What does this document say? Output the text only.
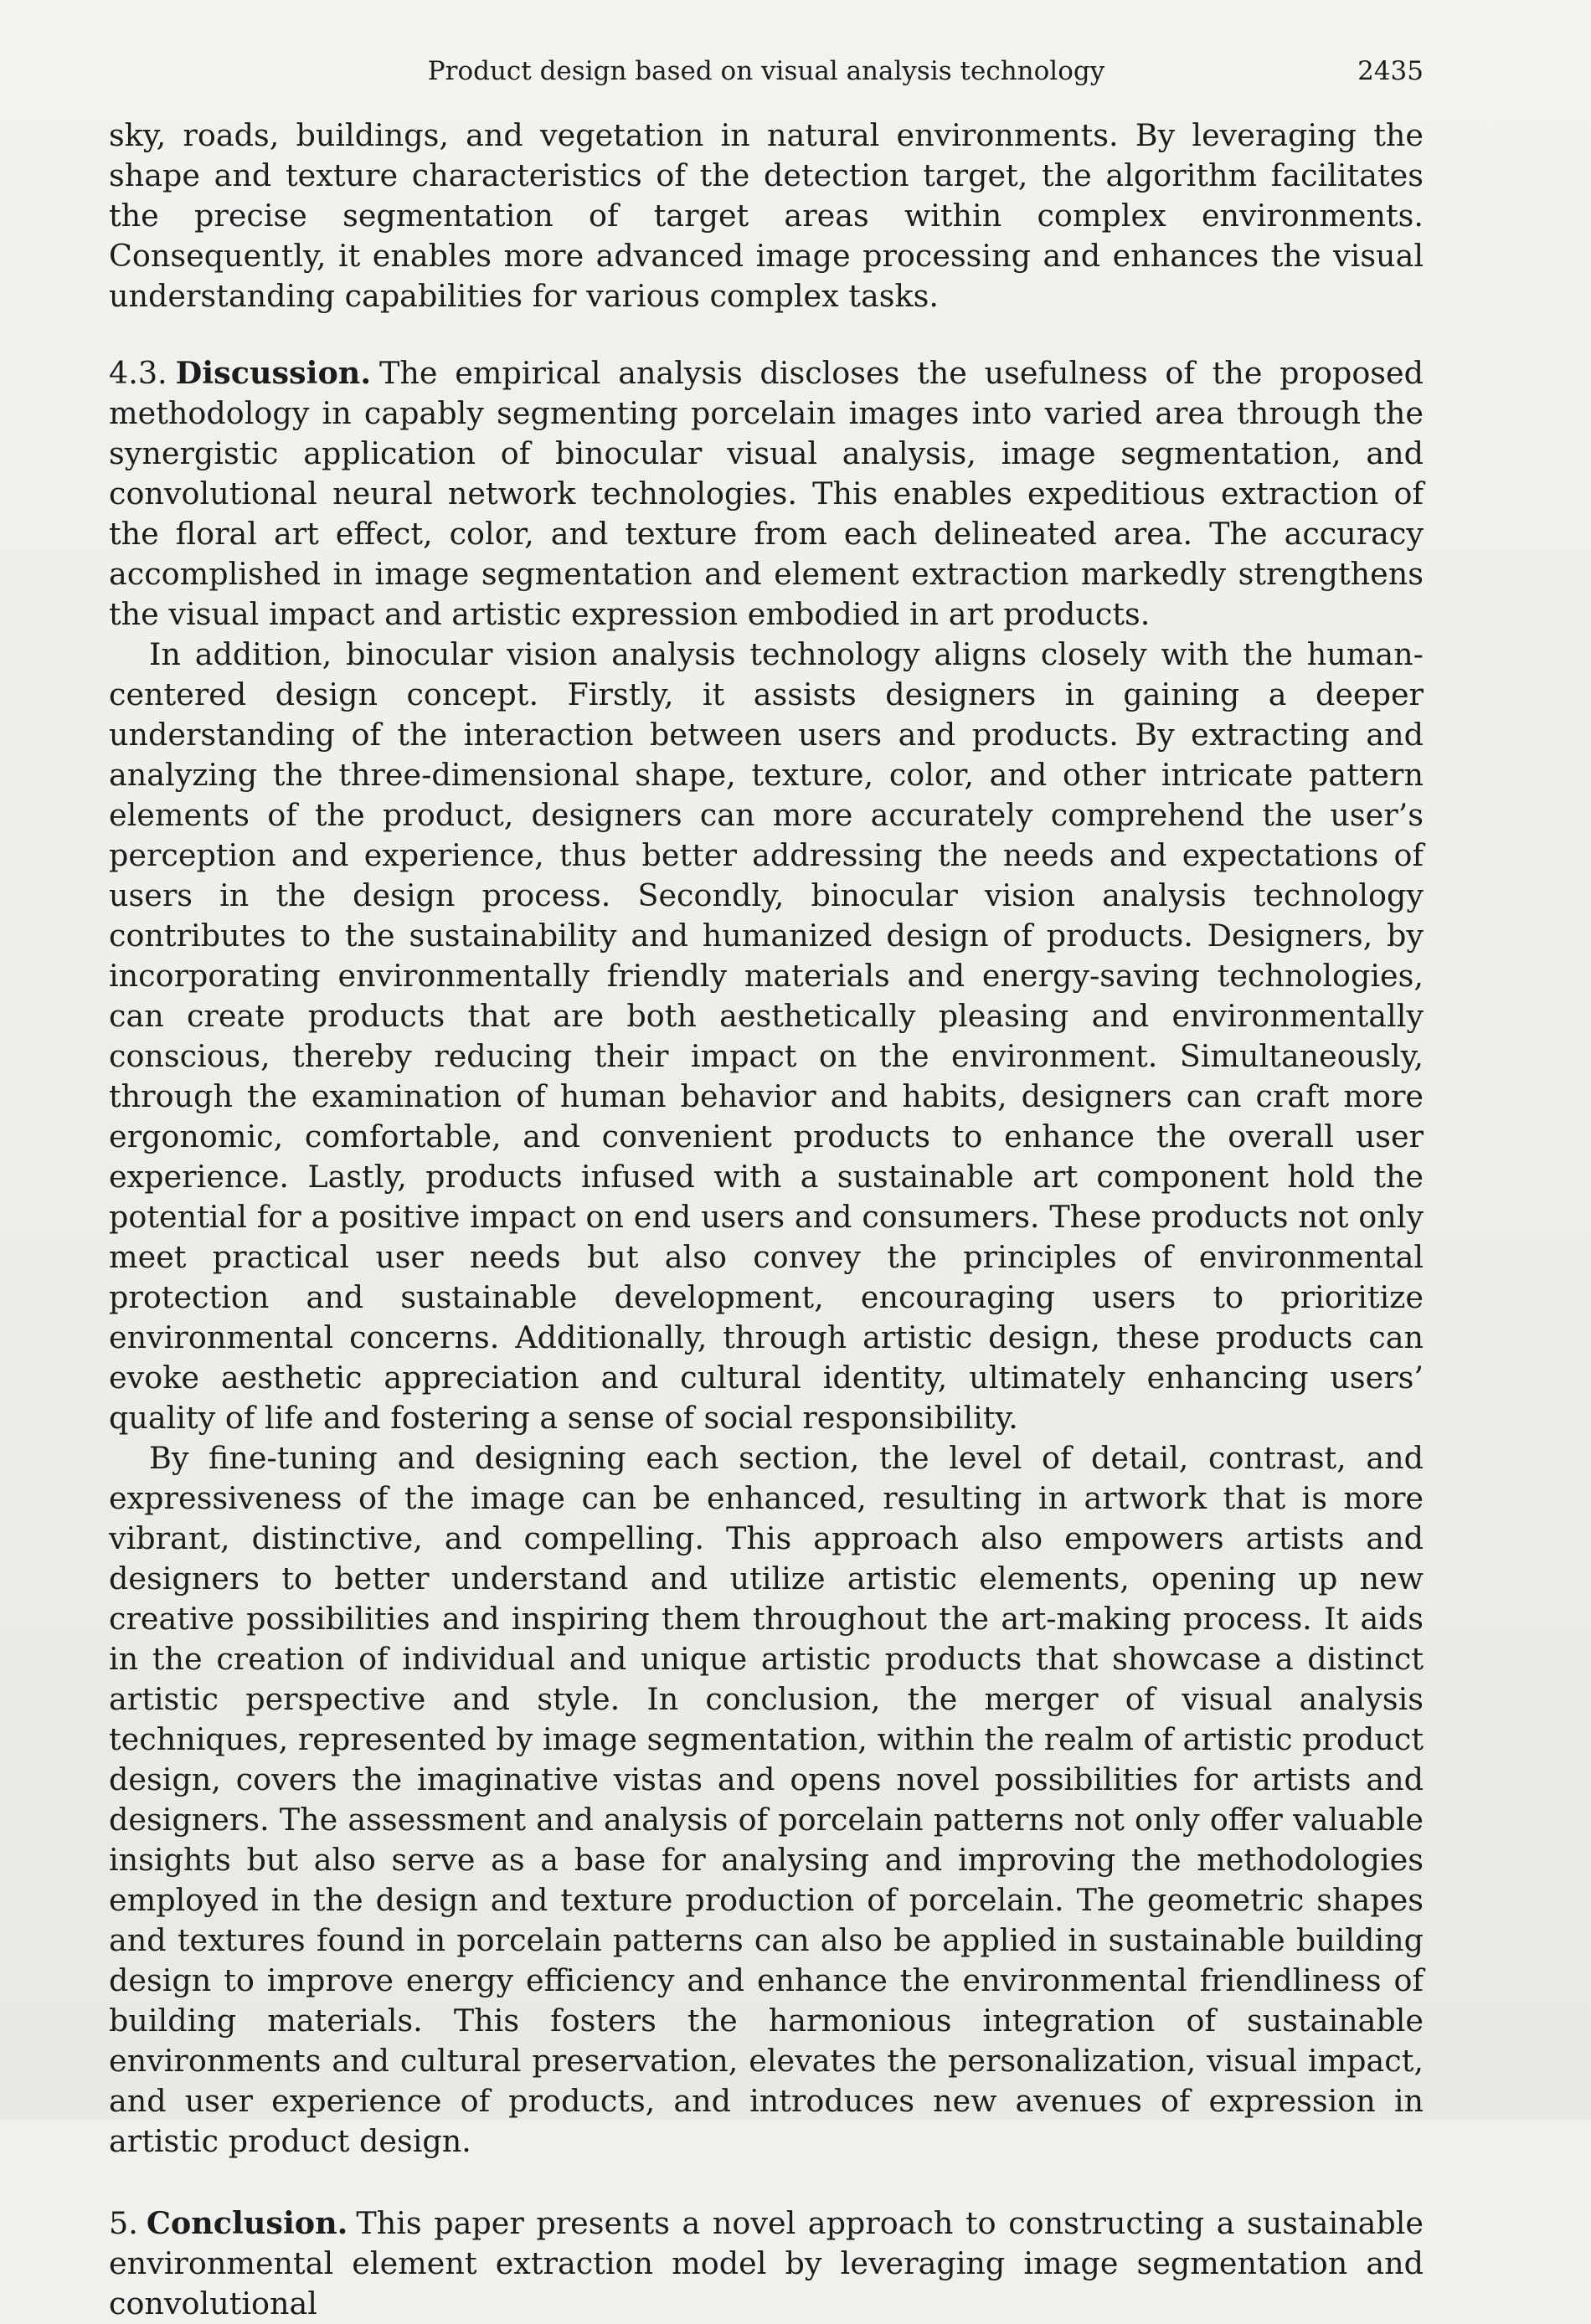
Product design based on visual analysis technology	2435

sky, roads, buildings, and vegetation in natural environments. By leveraging the shape and texture characteristics of the detection target, the algorithm facilitates the precise segmentation of target areas within complex environments. Consequently, it enables more advanced image processing and enhances the visual understanding capabilities for various complex tasks.

4.3. Discussion. The empirical analysis discloses the usefulness of the proposed methodology in capably segmenting porcelain images into varied area through the synergistic application of binocular visual analysis, image segmentation, and convolutional neural network technologies. This enables expeditious extraction of the floral art effect, color, and texture from each delineated area. The accuracy accomplished in image segmentation and element extraction markedly strengthens the visual impact and artistic expression embodied in art products.

In addition, binocular vision analysis technology aligns closely with the human-centered design concept. Firstly, it assists designers in gaining a deeper understanding of the interaction between users and products. By extracting and analyzing the three-dimensional shape, texture, color, and other intricate pattern elements of the product, designers can more accurately comprehend the user’s perception and experience, thus better addressing the needs and expectations of users in the design process. Secondly, binocular vision analysis technology contributes to the sustainability and humanized design of products. Designers, by incorporating environmentally friendly materials and energy-saving technologies, can create products that are both aesthetically pleasing and environmentally conscious, thereby reducing their impact on the environment. Simultaneously, through the examination of human behavior and habits, designers can craft more ergonomic, comfortable, and convenient products to enhance the overall user experience. Lastly, products infused with a sustainable art component hold the potential for a positive impact on end users and consumers. These products not only meet practical user needs but also convey the principles of environmental protection and sustainable development, encouraging users to prioritize environmental concerns. Additionally, through artistic design, these products can evoke aesthetic appreciation and cultural identity, ultimately enhancing users’ quality of life and fostering a sense of social responsibility.

By fine-tuning and designing each section, the level of detail, contrast, and expressiveness of the image can be enhanced, resulting in artwork that is more vibrant, distinctive, and compelling. This approach also empowers artists and designers to better understand and utilize artistic elements, opening up new creative possibilities and inspiring them throughout the art-making process. It aids in the creation of individual and unique artistic products that showcase a distinct artistic perspective and style. In conclusion, the merger of visual analysis techniques, represented by image segmentation, within the realm of artistic product design, covers the imaginative vistas and opens novel possibilities for artists and designers. The assessment and analysis of porcelain patterns not only offer valuable insights but also serve as a base for analysing and improving the methodologies employed in the design and texture production of porcelain. The geometric shapes and textures found in porcelain patterns can also be applied in sustainable building design to improve energy efficiency and enhance the environmental friendliness of building materials. This fosters the harmonious integration of sustainable environments and cultural preservation, elevates the personalization, visual impact, and user experience of products, and introduces new avenues of expression in artistic product design.

5. Conclusion. This paper presents a novel approach to constructing a sustainable environmental element extraction model by leveraging image segmentation and convolutional
